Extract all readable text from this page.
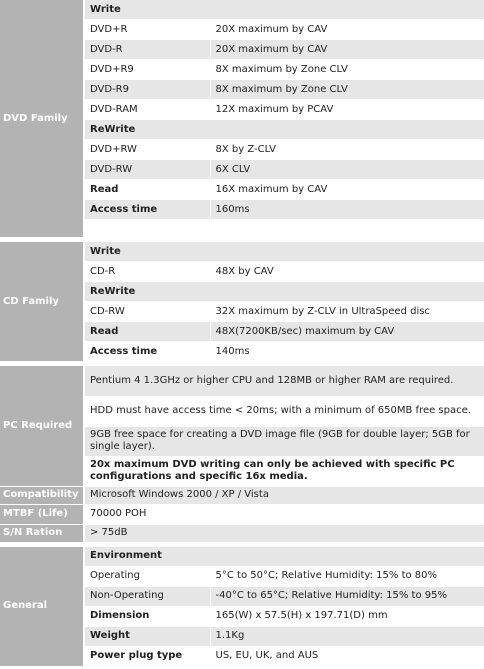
DVD Family	Write	
	DVD+R	20X maximum by CAV
	DVD-R	20X maximum by CAV
	DVD+R9	8X maximum by Zone CLV
	DVD-R9	8X maximum by Zone CLV
	DVD-RAM	12X maximum by PCAV
	ReWrite	
	DVD+RW	8X by Z-CLV
	DVD-RW	6X CLV
	Read	16X maximum by CAV
	Access time	160ms

CD Family	Write	
	CD-R	48X by CAV
	ReWrite	
	CD-RW	32X maximum by Z-CLV in UltraSpeed disc
	Read	48X(7200KB/sec) maximum by CAV
	Access time	140ms

PC Required	Pentium 4 1.3GHz or higher CPU and 128MB or higher RAM are required.	
	HDD must have access time < 20ms; with a minimum of 650MB free space.	
	9GB free space for creating a DVD image file (9GB for double layer; 5GB for single layer).	
	20x maximum DVD writing can only be achieved with specific PC configurations and specific 16x media.	
Compatibility	Microsoft Windows 2000 / XP / Vista	
MTBF (Life)	70000 POH	
S/N Ration	> 75dB	

General	Environment	
	Operating	5°C to 50°C; Relative Humidity: 15% to 80%
	Non-Operating	-40°C to 65°C; Relative Humidity: 15% to 95%
	Dimension	165(W) x 57.5(H) x 197.71(D) mm
	Weight	1.1Kg
	Power plug type	US, EU, UK, and AUS
